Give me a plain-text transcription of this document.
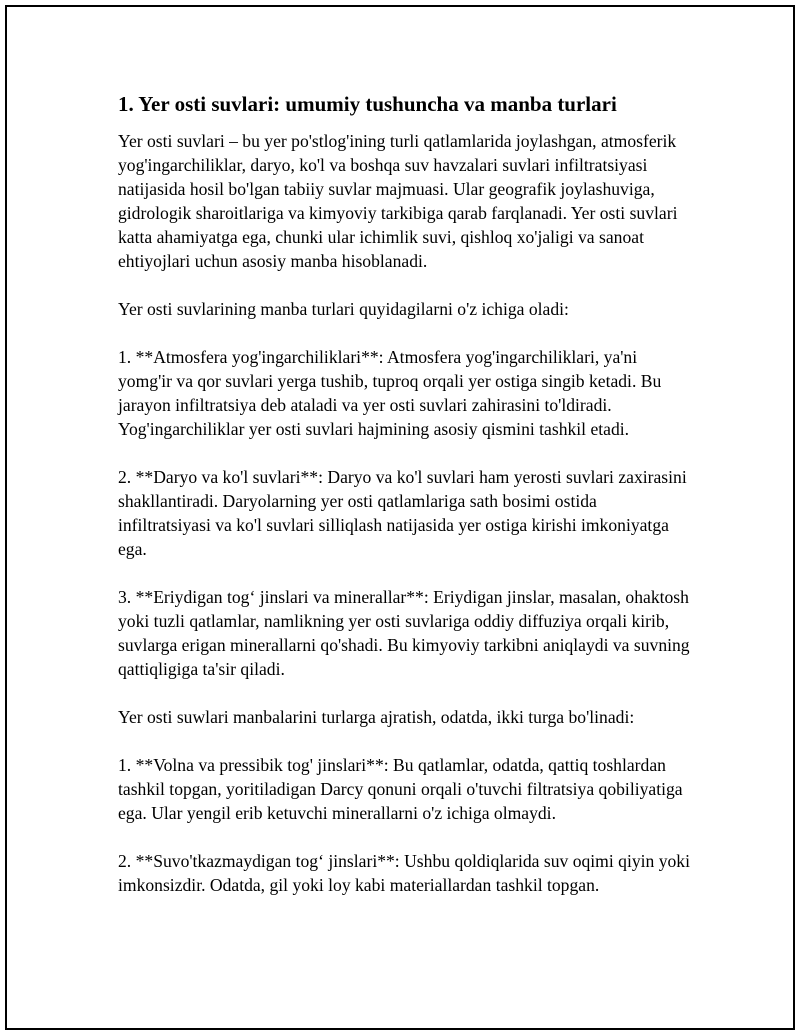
1. Yer osti suvlari: umumiy tushuncha va manba turlari

Yer osti suvlari – bu yer po'stlog'ining turli qatlamlarida joylashgan, atmosferik yog'ingarchiliklar, daryo, ko'l va boshqa suv havzalari suvlari infiltratsiyasi natijasida hosil bo'lgan tabiiy suvlar majmuasi. Ular geografik joylashuviga, gidrologik sharoitlariga va kimyoviy tarkibiga qarab farqlanadi. Yer osti suvlari katta ahamiyatga ega, chunki ular ichimlik suvi, qishloq xo'jaligi va sanoat ehtiyojlari uchun asosiy manba hisoblanadi.

Yer osti suvlarining manba turlari quyidagilarni o'z ichiga oladi:

1. **Atmosfera yog'ingarchiliklari**: Atmosfera yog'ingarchiliklari, ya'ni yomg'ir va qor suvlari yerga tushib, tuproq orqali yer ostiga singib ketadi. Bu jarayon infiltratsiya deb ataladi va yer osti suvlari zahirasini to'ldiradi. Yog'ingarchiliklar yer osti suvlari hajmining asosiy qismini tashkil etadi.

2. **Daryo va ko'l suvlari**: Daryo va ko'l suvlari ham yerosti suvlari zaxirasini shakllantiradi. Daryolarning yer osti qatlamlariga sath bosimi ostida infiltratsiyasi va ko'l suvlari silliqlash natijasida yer ostiga kirishi imkoniyatga ega.

3. **Eriydigan tog‘ jinslari va minerallar**: Eriydigan jinslar, masalan, ohaktosh yoki tuzli qatlamlar, namlikning yer osti suvlariga oddiy diffuziya orqali kirib, suvlarga erigan minerallarni qo'shadi. Bu kimyoviy tarkibni aniqlaydi va suvning qattiqligiga ta'sir qiladi.

Yer osti suwlari manbalarini turlarga ajratish, odatda, ikki turga bo'linadi:

1. **Volna va pressibik tog' jinslari**: Bu qatlamlar, odatda, qattiq toshlardan tashkil topgan, yoritiladigan Darcy qonuni orqali o'tuvchi filtratsiya qobiliyatiga ega. Ular yengil erib ketuvchi minerallarni o'z ichiga olmaydi.

2. **Suvo'tkazmaydigan tog‘ jinslari**: Ushbu qoldiqlarida suv oqimi qiyin yoki imkonsizdir. Odatda, gil yoki loy kabi materiallardan tashkil topgan.
